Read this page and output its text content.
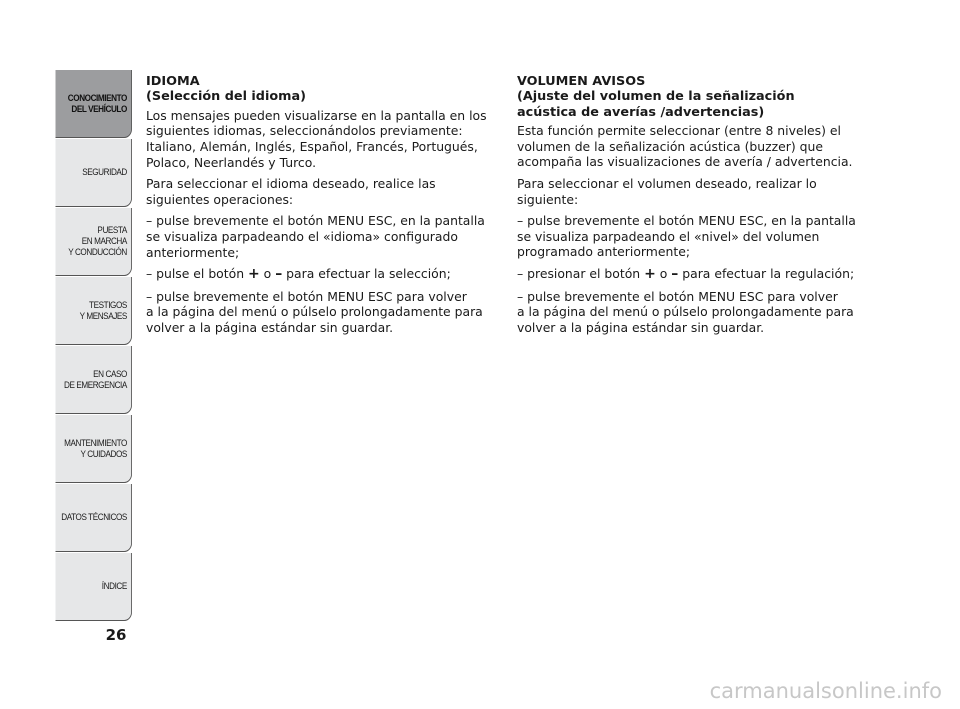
CONOCIMIENTO
DEL VEHÍCULO
SEGURIDAD
PUESTA
EN MARCHA
Y CONDUCCIÓN
TESTIGOS
Y MENSAJES
EN CASO
DE EMERGENCIA
MANTENIMIENTO
Y CUIDADOS
DATOS TÉCNICOS
ÍNDICE
26
IDIOMA
(Selección del idioma)

Los mensajes pueden visualizarse en la pantalla en los siguientes idiomas, seleccionándolos previamente: Italiano, Alemán, Inglés, Español, Francés, Portugués, Polaco, Neerlandés y Turco.

Para seleccionar el idioma deseado, realice las siguientes operaciones:

– pulse brevemente el botón MENU ESC, en la pantalla se visualiza parpadeando el «idioma» configurado anteriormente;

– pulse el botón + o – para efectuar la selección;

– pulse brevemente el botón MENU ESC para volver
a la página del menú o púlselo prolongadamente para
volver a la página estándar sin guardar.

VOLUMEN AVISOS
(Ajuste del volumen de la señalización
acústica de averías /advertencias)

Esta función permite seleccionar (entre 8 niveles) el volumen de la señalización acústica (buzzer) que acompaña las visualizaciones de avería / advertencia.

Para seleccionar el volumen deseado, realizar lo siguiente:

– pulse brevemente el botón MENU ESC, en la pantalla se visualiza parpadeando el «nivel» del volumen programado anteriormente;

– presionar el botón + o – para efectuar la regulación;

– pulse brevemente el botón MENU ESC para volver
a la página del menú o púlselo prolongadamente para
volver a la página estándar sin guardar.

carmanualsonline.info
